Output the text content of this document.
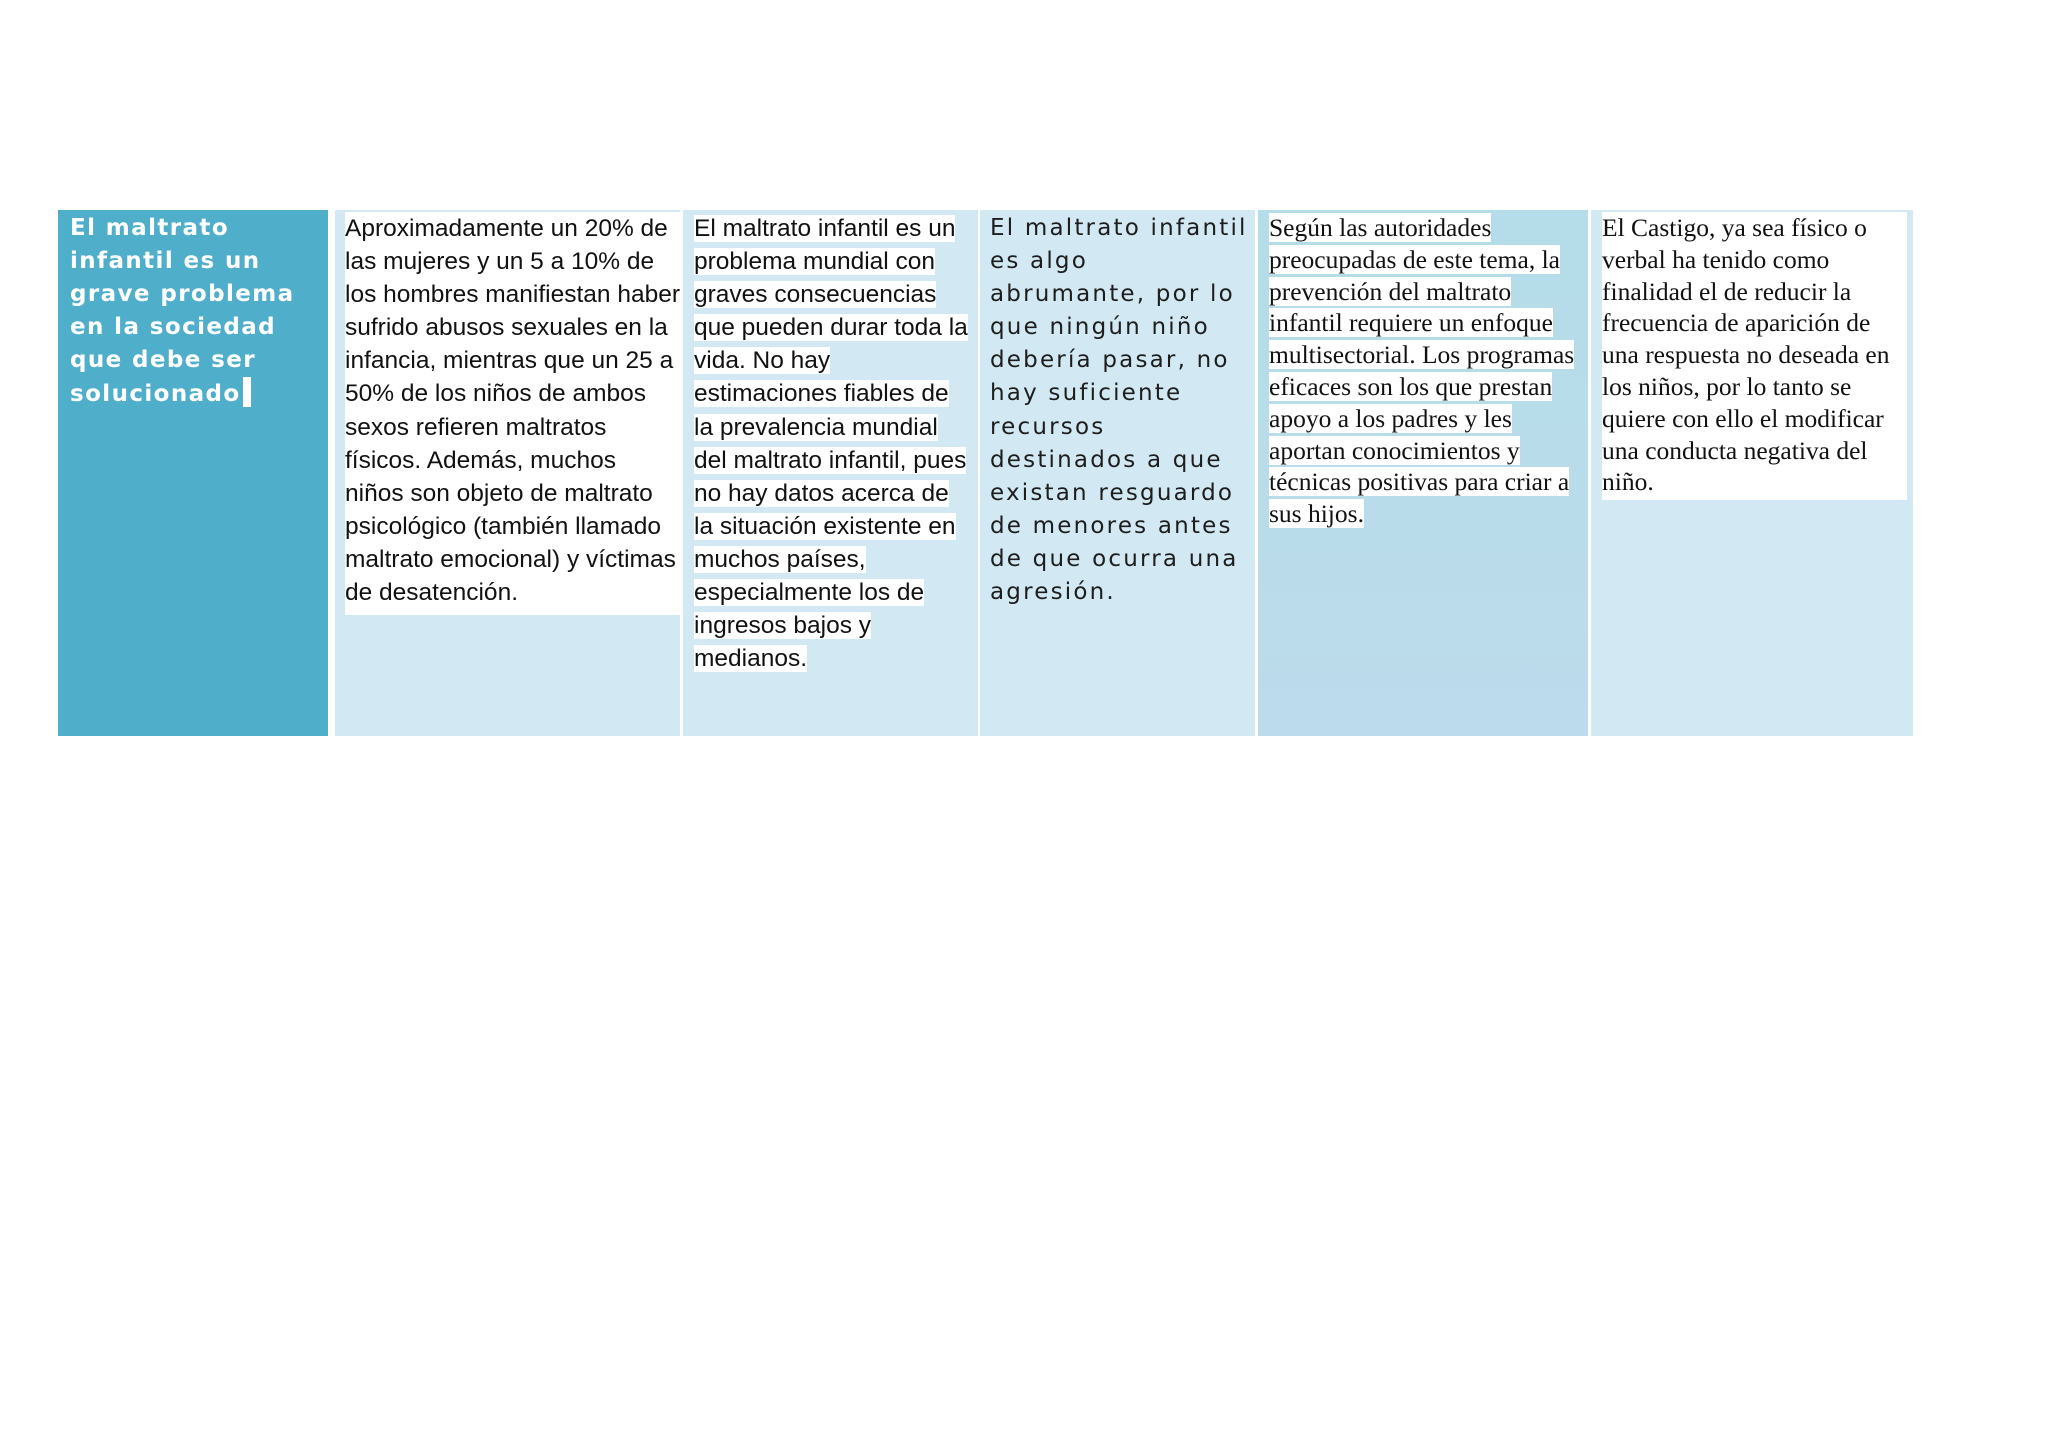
El maltrato infantil es un grave problema en la sociedad que debe ser solucionado

Aproximadamente un 20% de las mujeres y un 5 a 10% de los hombres manifiestan haber sufrido abusos sexuales en la infancia, mientras que un 25 a 50% de los niños de ambos sexos refieren maltratos físicos. Además, muchos niños son objeto de maltrato psicológico (también llamado maltrato emocional) y víctimas de desatención.

El maltrato infantil es un problema mundial con graves consecuencias que pueden durar toda la vida. No hay estimaciones fiables de la prevalencia mundial del maltrato infantil, pues no hay datos acerca de la situación existente en muchos países, especialmente los de ingresos bajos y medianos.

El maltrato infantil es algo abrumante, por lo que ningún niño debería pasar, no hay suficiente recursos destinados a que existan resguardo de menores antes de que ocurra una agresión.

Según las autoridades preocupadas de este tema, la prevención del maltrato infantil requiere un enfoque multisectorial. Los programas eficaces son los que prestan apoyo a los padres y les aportan conocimientos y técnicas positivas para criar a sus hijos.

El Castigo, ya sea físico o verbal ha tenido como finalidad el de reducir la frecuencia de aparición de una respuesta no deseada en los niños, por lo tanto se quiere con ello el modificar una conducta negativa del niño.
